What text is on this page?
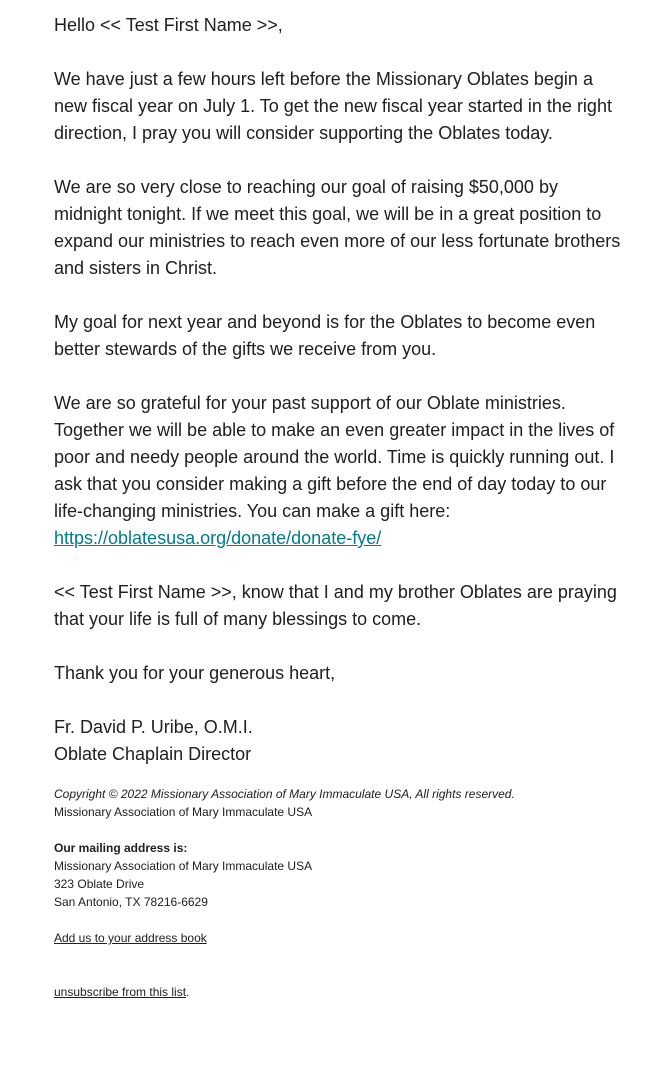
Hello << Test First Name >>,

We have just a few hours left before the Missionary Oblates begin a new fiscal year on July 1. To get the new fiscal year started in the right direction, I pray you will consider supporting the Oblates today.

We are so very close to reaching our goal of raising $50,000 by midnight tonight. If we meet this goal, we will be in a great position to expand our ministries to reach even more of our less fortunate brothers and sisters in Christ.

My goal for next year and beyond is for the Oblates to become even better stewards of the gifts we receive from you.

We are so grateful for your past support of our Oblate ministries. Together we will be able to make an even greater impact in the lives of poor and needy people around the world. Time is quickly running out. I ask that you consider making a gift before the end of day today to our life-changing ministries. You can make a gift here:
https://oblatesusa.org/donate/donate-fye/

<< Test First Name >>, know that I and my brother Oblates are praying that your life is full of many blessings to come.

Thank you for your generous heart,

Fr. David P. Uribe, O.M.I.
Oblate Chaplain Director

Copyright © 2022 Missionary Association of Mary Immaculate USA, All rights reserved.
Missionary Association of Mary Immaculate USA
Our mailing address is:
Missionary Association of Mary Immaculate USA
323 Oblate Drive
San Antonio, TX 78216-6629
Add us to your address book
unsubscribe from this list.
